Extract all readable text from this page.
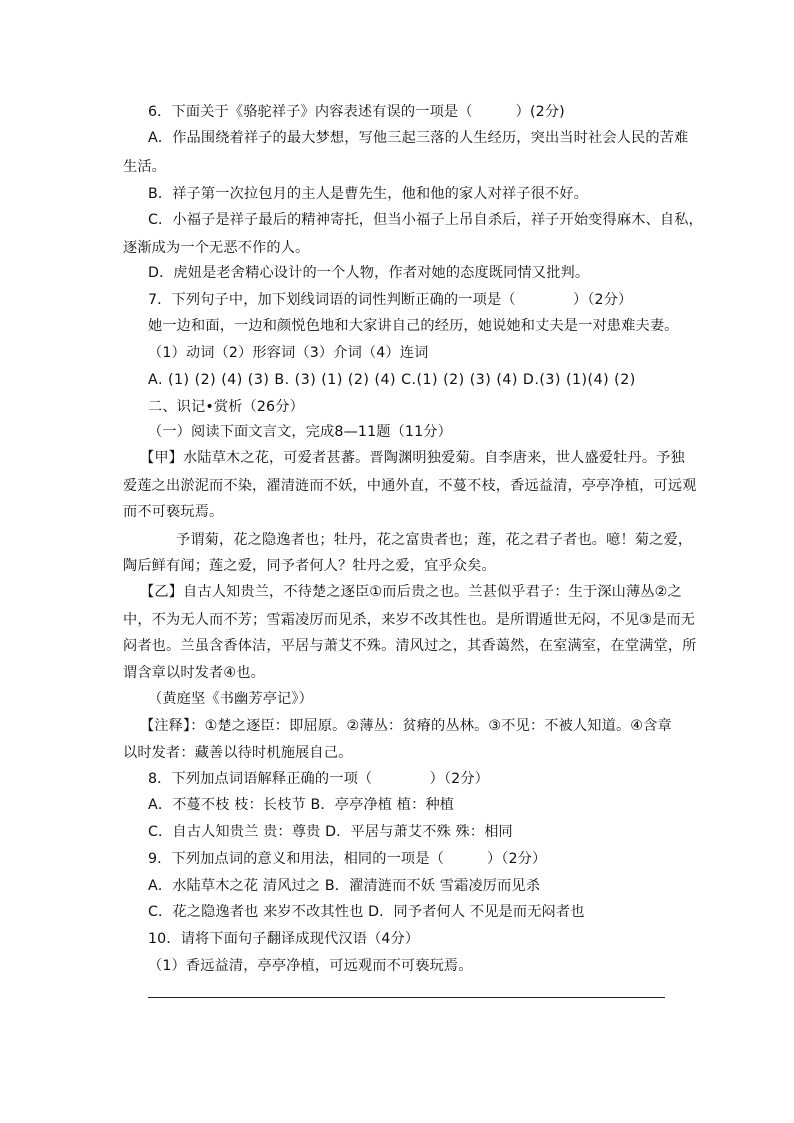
6．下面关于《骆驼祥子》内容表述有误的一项是（　　　）(2分)
A．作品围绕着祥子的最大梦想，写他三起三落的人生经历，突出当时社会人民的苦难
生活。
B．祥子第一次拉包月的主人是曹先生，他和他的家人对祥子很不好。
C．小福子是祥子最后的精神寄托，但当小福子上吊自杀后，祥子开始变得麻木、自私，
逐渐成为一个无恶不作的人。
D．虎妞是老舍精心设计的一个人物，作者对她的态度既同情又批判。
7．下列句子中，加下划线词语的词性判断正确的一项是（　　　　）（2分）
她一边和面，一边和颜悦色地和大家讲自己的经历，她说她和丈夫是一对患难夫妻。
（1）动词（2）形容词（3）介词（4）连词
A. (1) (2) (4) (3) B. (3) (1) (2) (4) C.(1) (2) (3) (4) D.(3) (1)(4) (2)
二、识记•赏析（26分）
（一）阅读下面文言文，完成8—11题（11分）
【甲】水陆草木之花，可爱者甚蕃。晋陶渊明独爱菊。自李唐来，世人盛爱牡丹。予独
爱莲之出淤泥而不染，濯清涟而不妖，中通外直，不蔓不枝，香远益清，亭亭净植，可远观
而不可亵玩焉。
予谓菊，花之隐逸者也；牡丹，花之富贵者也；莲，花之君子者也。噫！菊之爱，
陶后鲜有闻；莲之爱，同予者何人？牡丹之爱，宜乎众矣。
【乙】自古人知贵兰，不待楚之逐臣①而后贵之也。兰甚似乎君子：生于深山薄丛②之
中，不为无人而不芳；雪霜凌厉而见杀，来岁不改其性也。是所谓遁世无闷，不见③是而无
闷者也。兰虽含香体洁，平居与萧艾不殊。清风过之，其香蔼然，在室满室，在堂满堂，所
谓含章以时发者④也。
（黄庭坚《书幽芳亭记》）
【注释】：①楚之逐臣：即屈原。②薄丛：贫瘠的丛林。③不见：不被人知道。④含章
以时发者：藏善以待时机施展自己。
8．下列加点词语解释正确的一项（　　　　）（2分）
A．不蔓不枝 枝：长枝节 B．亭亭净植 植：种植
C．自古人知贵兰 贵：尊贵 D．平居与萧艾不殊 殊：相同
9．下列加点词的意义和用法，相同的一项是（　　　）（2分）
A．水陆草木之花 清风过之 B．濯清涟而不妖 雪霜凌厉而见杀
C．花之隐逸者也 来岁不改其性也 D．同予者何人 不见是而无闷者也
10．请将下面句子翻译成现代汉语（4分）
（1）香远益清，亭亭净植，可远观而不可亵玩焉。
